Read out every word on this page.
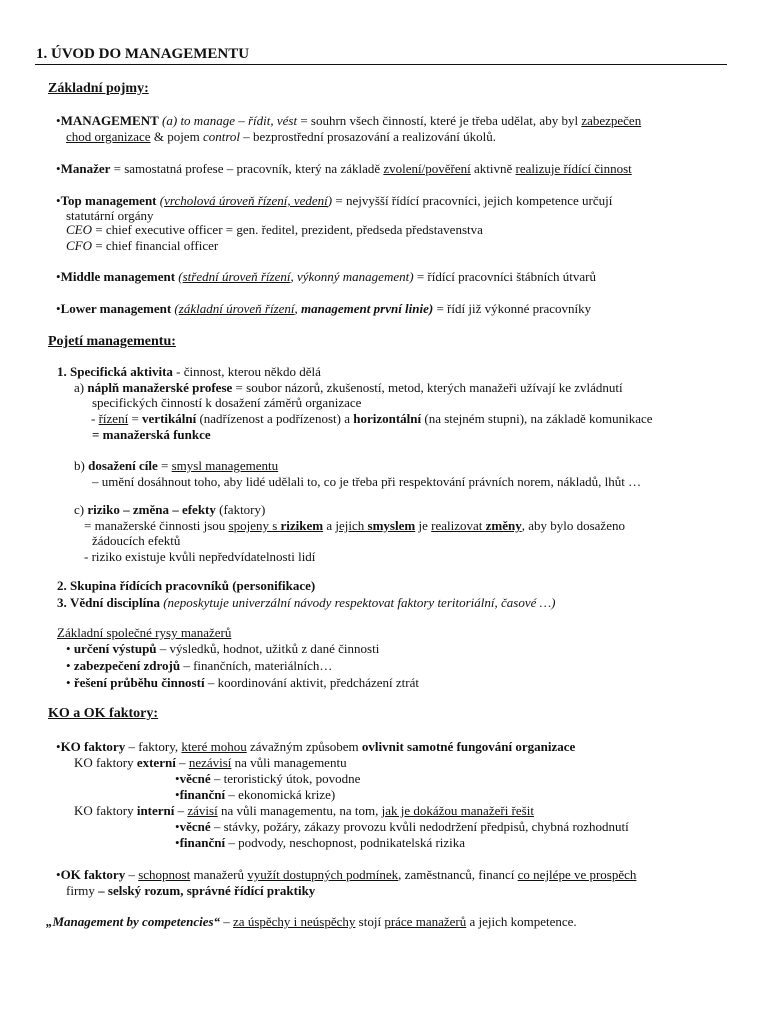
1. ÚVOD DO MANAGEMENTU
Základní pojmy:
•MANAGEMENT (a) to manage – řídit, vést = souhrn všech činností, které je třeba udělat, aby byl zabezpečen
chod organizace & pojem control – bezprostřední prosazování a realizování úkolů.
•Manažer = samostatná profese – pracovník, který na základě zvolení/pověření aktivně realizuje řídící činnost
•Top management (vrcholová úroveň řízení, vedení) = nejvyšší řídící pracovníci, jejich kompetence určují
statutární orgány
CEO = chief executive officer = gen. ředitel, prezident, předseda představenstva
CFO = chief financial officer
•Middle management (střední úroveň řízení, výkonný management) = řídící pracovníci štábních útvarů
•Lower management (základní úroveň řízení, management první linie) = řídí již výkonné pracovníky
Pojetí managementu:
1. Specifická aktivita - činnost, kterou někdo dělá
a) náplň manažerské profese = soubor názorů, zkušeností, metod, kterých manažeři užívají ke zvládnutí
specifických činností k dosažení záměrů organizace
- řízení = vertikální (nadřízenost a podřízenost) a horizontální (na stejném stupni), na základě komunikace
= manažerská funkce
b) dosažení cíle = smysl managementu
– umění dosáhnout toho, aby lidé udělali to, co je třeba při respektování právních norem, nákladů, lhůt …
c) riziko – změna – efekty (faktory)
= manažerské činnosti jsou spojeny s rizikem a jejich smyslem je realizovat změny, aby bylo dosaženo
žádoucích efektů
- riziko existuje kvůli nepředvídatelnosti lidí
2. Skupina řídících pracovníků (personifikace)
3. Vědní disciplína (neposkytuje univerzální návody respektovat faktory teritoriální, časové …)
Základní společné rysy manažerů
• určení výstupů – výsledků, hodnot, užitků z dané činnosti
• zabezpečení zdrojů – finančních, materiálních…
• řešení průběhu činností – koordinování aktivit, předcházení ztrát
KO a OK faktory:
•KO faktory – faktory, které mohou závažným způsobem ovlivnit samotné fungování organizace
KO faktory externí – nezávisí na vůli managementu
•věcné – teroristický útok, povodne
•finanční – ekonomická krize)
KO faktory interní – závisí na vůli managementu, na tom, jak je dokážou manažeři řešit
•věcné – stávky, požáry, zákazy provozu kvůli nedodržení předpisů, chybná rozhodnutí
•finanční – podvody, neschopnost, podnikatelská rizika
•OK faktory – schopnost manažerů využít dostupných podmínek, zaměstnanců, financí co nejlépe ve prospěch
firmy – selský rozum, správné řídící praktiky
„Management by competencies“ – za úspěchy i neúspěchy stojí práce manažerů a jejich kompetence.
